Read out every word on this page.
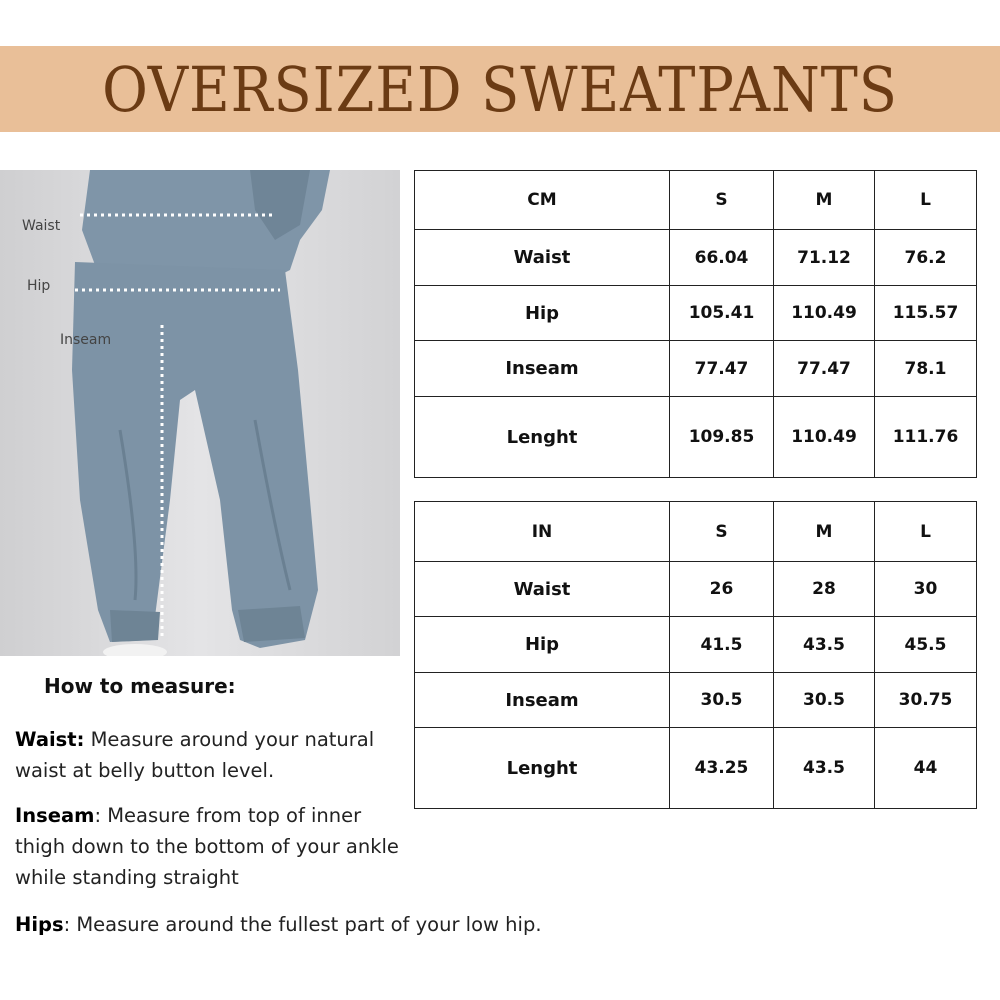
OVERSIZED SWEATPANTS
Waist
Hip
Inseam
CM	S	M	L
Waist	66.04	71.12	76.2
Hip	105.41	110.49	115.57
Inseam	77.47	77.47	78.1
Lenght	109.85	110.49	111.76
IN	S	M	L
Waist	26	28	30
Hip	41.5	43.5	45.5
Inseam	30.5	30.5	30.75
Lenght	43.25	43.5	44
How to measure:
Waist: Measure around your natural waist at belly button level.
Inseam: Measure from top of inner thigh down to the bottom of your ankle while standing straight
Hips: Measure around the fullest part of your low hip.
